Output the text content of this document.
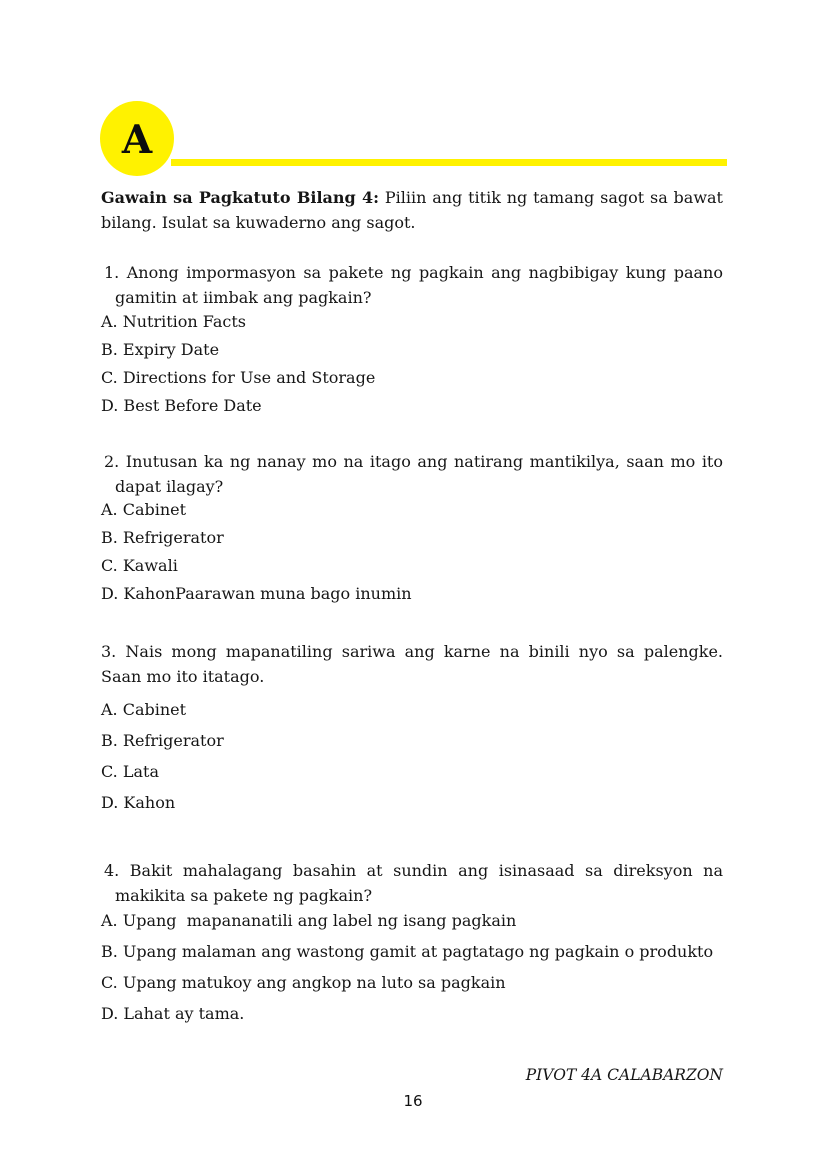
A
Gawain sa Pagkatuto Bilang 4: Piliin ang titik ng tamang sagot sa bawat
bilang. Isulat sa kuwaderno ang sagot.
1. Anong impormasyon sa pakete ng pagkain ang nagbibigay kung paano
gamitin at iimbak ang pagkain?
A. Nutrition Facts
B. Expiry Date
C. Directions for Use and Storage
D. Best Before Date
2. Inutusan ka ng nanay mo na itago ang natirang mantikilya, saan mo ito
dapat ilagay?
A. Cabinet
B. Refrigerator
C. Kawali
D. KahonPaarawan muna bago inumin
3. Nais mong mapanatiling sariwa ang karne na binili nyo sa palengke.
Saan mo ito itatago.
A. Cabinet
B. Refrigerator
C. Lata
D. Kahon
4. Bakit mahalagang basahin at sundin ang isinasaad sa direksyon na
makikita sa pakete ng pagkain?
A. Upang  mapananatili ang label ng isang pagkain
B. Upang malaman ang wastong gamit at pagtatago ng pagkain o produkto
C. Upang matukoy ang angkop na luto sa pagkain
D. Lahat ay tama.
PIVOT 4A CALABARZON
16
